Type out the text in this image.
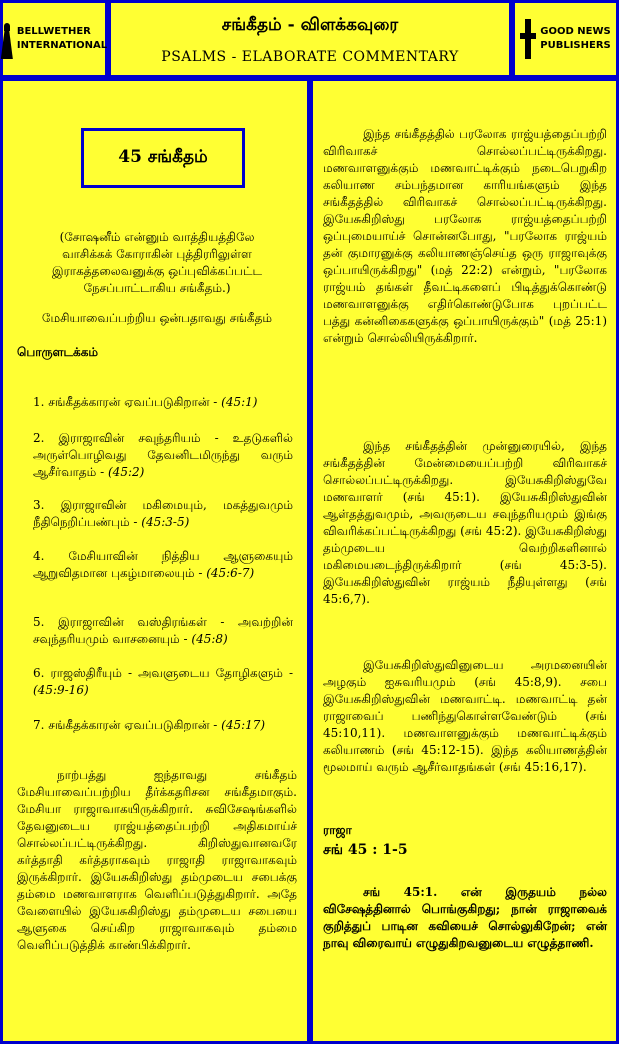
BELLWETHER
INTERNATIONAL
சங்கீதம் - விளக்கவுரை
PSALMS - ELABORATE COMMENTARY
GOOD NEWS
PUBLISHERS
45 சங்கீதம்
(சோஷனீம் என்னும் வாத்தியத்திலே வாசிக்கக் கோராகின் புத்திரரிலுள்ள இராகத்தலைவனுக்கு ஒப்புவிக்கப்பட்ட நேசப்பாட்டாகிய சங்கீதம்.)
மேசியாவைப்பற்றிய ஒன்பதாவது சங்கீதம்
பொருளடக்கம்
1. சங்கீதக்காரன் ஏவப்படுகிறான் - (45:1)
2. இராஜாவின் சவுந்தரியம் - உதடுகளில் அருள்பொழிவது தேவனிடமிருந்து வரும் ஆசீர்வாதம் - (45:2)
3. இராஜாவின் மகிமையும், மகத்துவமும் நீதிநெறிப்பண்பும் - (45:3-5)
4. மேசியாவின் நித்திய ஆளுகையும் ஆறுவிதமான புகழ்மாலையும் - (45:6-7)
5. இராஜாவின் வஸ்திரங்கள் - அவற்றின் சவுந்தரியமும் வாசனையும் - (45:8)
6. ராஜஸ்திரீயும் - அவளுடைய தோழிகளும் - (45:9-16)
7. சங்கீதக்காரன் ஏவப்படுகிறான் - (45:17)
நாற்பத்து ஐந்தாவது சங்கீதம் மேசியாவைப்பற்றிய தீர்க்கதரிசன சங்கீதமாகும். மேசியா ராஜாவாகயிருக்கிறார். சுவிசேஷங்களில் தேவனுடைய ராஜ்யத்தைப்பற்றி அதிகமாய்ச் சொல்லப்பட்டிருக்கிறது. கிறிஸ்துவானவரே கர்த்தாதி கர்த்தராகவும் ராஜாதி ராஜாவாகவும் இருக்கிறார். இயேசுகிறிஸ்து தம்முடைய சபைக்கு தம்மை மணவாளராக வெளிப்படுத்துகிறார். அதே வேளையில் இயேசுகிறிஸ்து தம்முடைய சபையை ஆளுகை செய்கிற ராஜாவாகவும் தம்மை வெளிப்படுத்திக் காண்பிக்கிறார்.
இந்த சங்கீதத்தில் பரலோக ராஜ்யத்தைப்பற்றி விரிவாகச் சொல்லப்பட்டிருக்கிறது. மணவாளனுக்கும் மணவாட்டிக்கும் நடைபெறுகிற கலியாண சம்பந்தமான காரியங்களும் இந்த சங்கீதத்தில் விரிவாகச் சொல்லப்பட்டிருக்கிறது. இயேசுகிறிஸ்து பரலோக ராஜ்யத்தைப்பற்றி ஒப்புமையாய்ச் சொன்னபோது, "பரலோக ராஜ்யம் தன் குமாரனுக்கு கலியாணஞ்செய்த ஒரு ராஜாவுக்கு ஒப்பாயிருக்கிறது" (மத் 22:2) என்றும், "பரலோக ராஜ்யம் தங்கள் தீவட்டிகளைப் பிடித்துக்கொண்டு மணவாளனுக்கு எதிர்கொண்டுபோக புறப்பட்ட பத்து கன்னிகைகளுக்கு ஒப்பாயிருக்கும்" (மத் 25:1) என்றும் சொல்லியிருக்கிறார்.
இந்த சங்கீதத்தின் முன்னுரையில், இந்த சங்கீதத்தின் மேன்மையைப்பற்றி விரிவாகச் சொல்லப்பட்டிருக்கிறது. இயேசுகிறிஸ்துவே மணவாளர் (சங் 45:1). இயேசுகிறிஸ்துவின் ஆள்தத்துவமும், அவருடைய சவுந்தரியமும் இங்கு விவரிக்கப்பட்டிருக்கிறது (சங் 45:2). இயேசுகிறிஸ்து தம்முடைய வெற்றிகளினால் மகிமையடைந்திருக்கிறார் (சங் 45:3-5). இயேசுகிறிஸ்துவின் ராஜ்யம் நீதியுள்ளது (சங் 45:6,7).
இயேசுகிறிஸ்துவினுடைய அரமனையின் அழகும் ஐசுவரியமும் (சங் 45:8,9). சபை இயேசுகிறிஸ்துவின் மணவாட்டி. மணவாட்டி தன் ராஜாவைப் பணிந்துகொள்ளவேண்டும் (சங் 45:10,11). மணவாளனுக்கும் மணவாட்டிக்கும் கலியாணம் (சங் 45:12-15). இந்த கலியாணத்தின் மூலமாய் வரும் ஆசீர்வாதங்கள் (சங் 45:16,17).
ராஜா
சங் 45 : 1-5
சங் 45:1. என் இருதயம் நல்ல விசேஷத்தினால் பொங்குகிறது; நான் ராஜாவைக் குறித்துப் பாடின கவியைச் சொல்லுகிறேன்; என் நாவு விரைவாய் எழுதுகிறவனுடைய எழுத்தாணி.
